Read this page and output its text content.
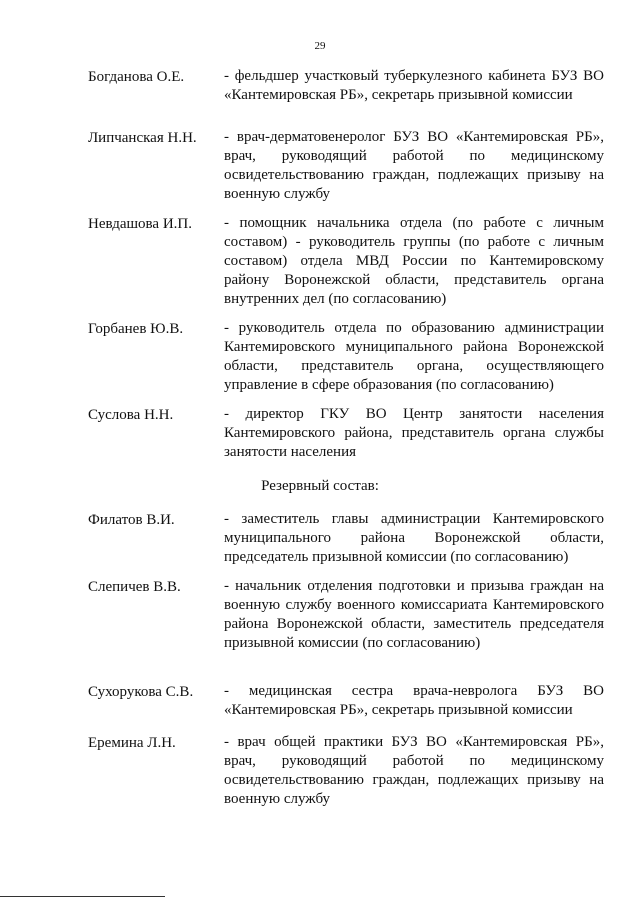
29
Богданова О.Е.	- фельдшер участковый туберкулезного кабинета БУЗ ВО «Кантемировская РБ», секретарь призывной комиссии
Липчанская Н.Н. - врач-дерматовенеролог БУЗ ВО «Кантемировская РБ», врач, руководящий работой по медицинскому освидетельствованию граждан, подлежащих призыву на военную службу
Невдашова И.П. - помощник начальника отдела (по работе с личным составом) - руководитель группы (по работе с личным составом) отдела МВД России по Кантемировскому району Воронежской области, представитель органа внутренних дел (по согласованию)
Горбанев Ю.В.	- руководитель отдела по образованию администрации Кантемировского муниципального района Воронежской области, представитель органа, осуществляющего управление в сфере образования (по согласованию)
Суслова Н.Н.	- директор ГКУ ВО Центр занятости населения Кантемировского района, представитель органа службы занятости населения
Резервный состав:
Филатов В.И.	- заместитель главы администрации Кантемировского муниципального района Воронежской области, председатель призывной комиссии (по согласованию)
Слепичев В.В.	- начальник отделения подготовки и призыва граждан на военную службу военного комиссариата Кантемировского района Воронежской области, заместитель председателя призывной комиссии (по согласованию)
Сухорукова С.В. - медицинская сестра врача-невролога БУЗ ВО «Кантемировская РБ», секретарь призывной комиссии
Еремина Л.Н.	- врач общей практики БУЗ ВО «Кантемировская РБ», врач, руководящий работой по медицинскому освидетельствованию граждан, подлежащих призыву на военную службу
